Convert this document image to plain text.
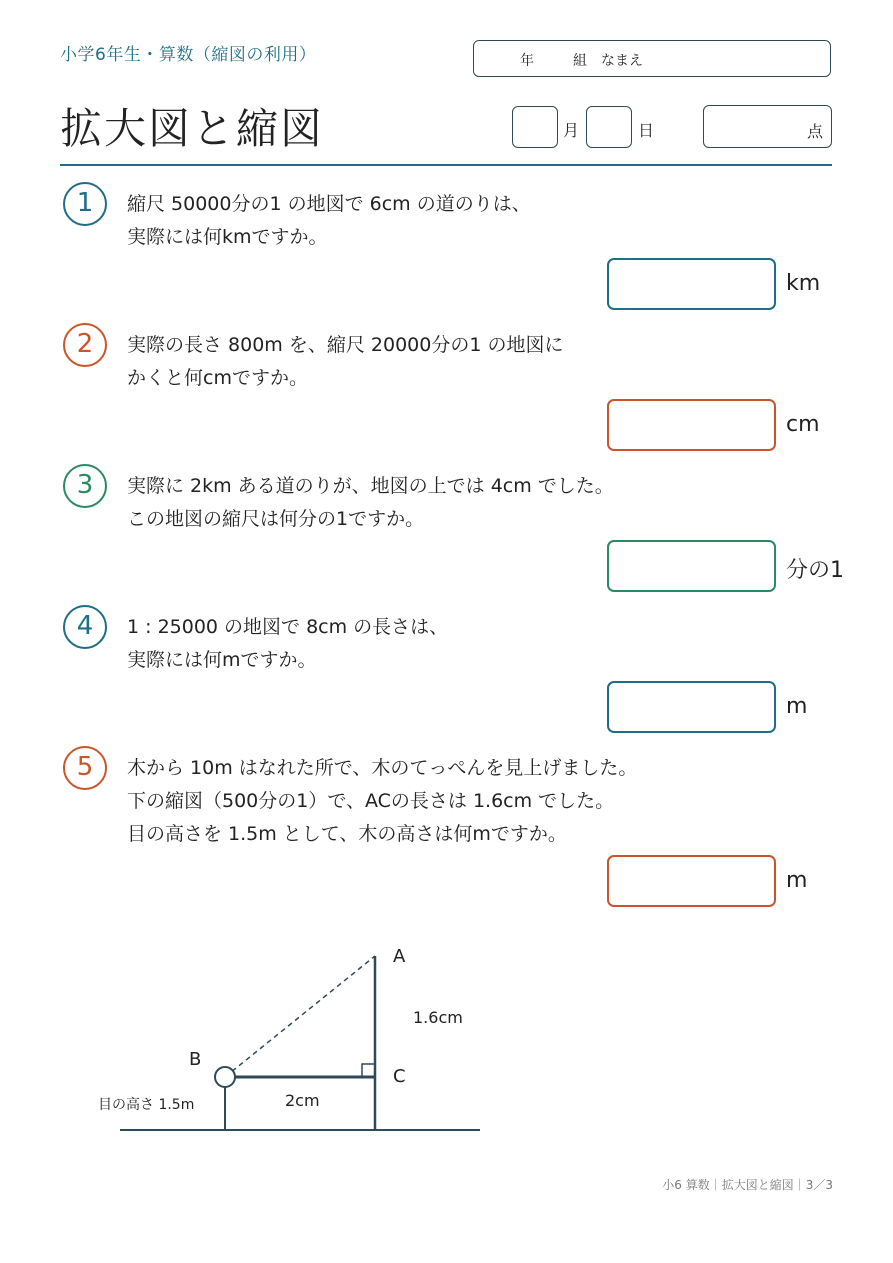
小学6年生・算数（縮図の利用）	年	組 なまえ
拡大図と縮図	月	日	点
1	縮尺 50000分の1 の地図で 6cm の道のりは、
実際には何kmですか。
km
2	実際の長さ 800m を、縮尺 20000分の1 の地図に
かくと何cmですか。
cm
3	実際に 2km ある道のりが、地図の上では 4cm でした。
この地図の縮尺は何分の1ですか。
分の1
4	1 : 25000 の地図で 8cm の長さは、
実際には何mですか。
m
5	木から 10m はなれた所で、木のてっぺんを見上げました。
下の縮図（500分の1）で、ACの長さは 1.6cm でした。
目の高さを 1.5m として、木の高さは何mですか。
m
A
B
C
1.6cm
2cm
目の高さ 1.5m
小6 算数｜拡大図と縮図｜3／3
